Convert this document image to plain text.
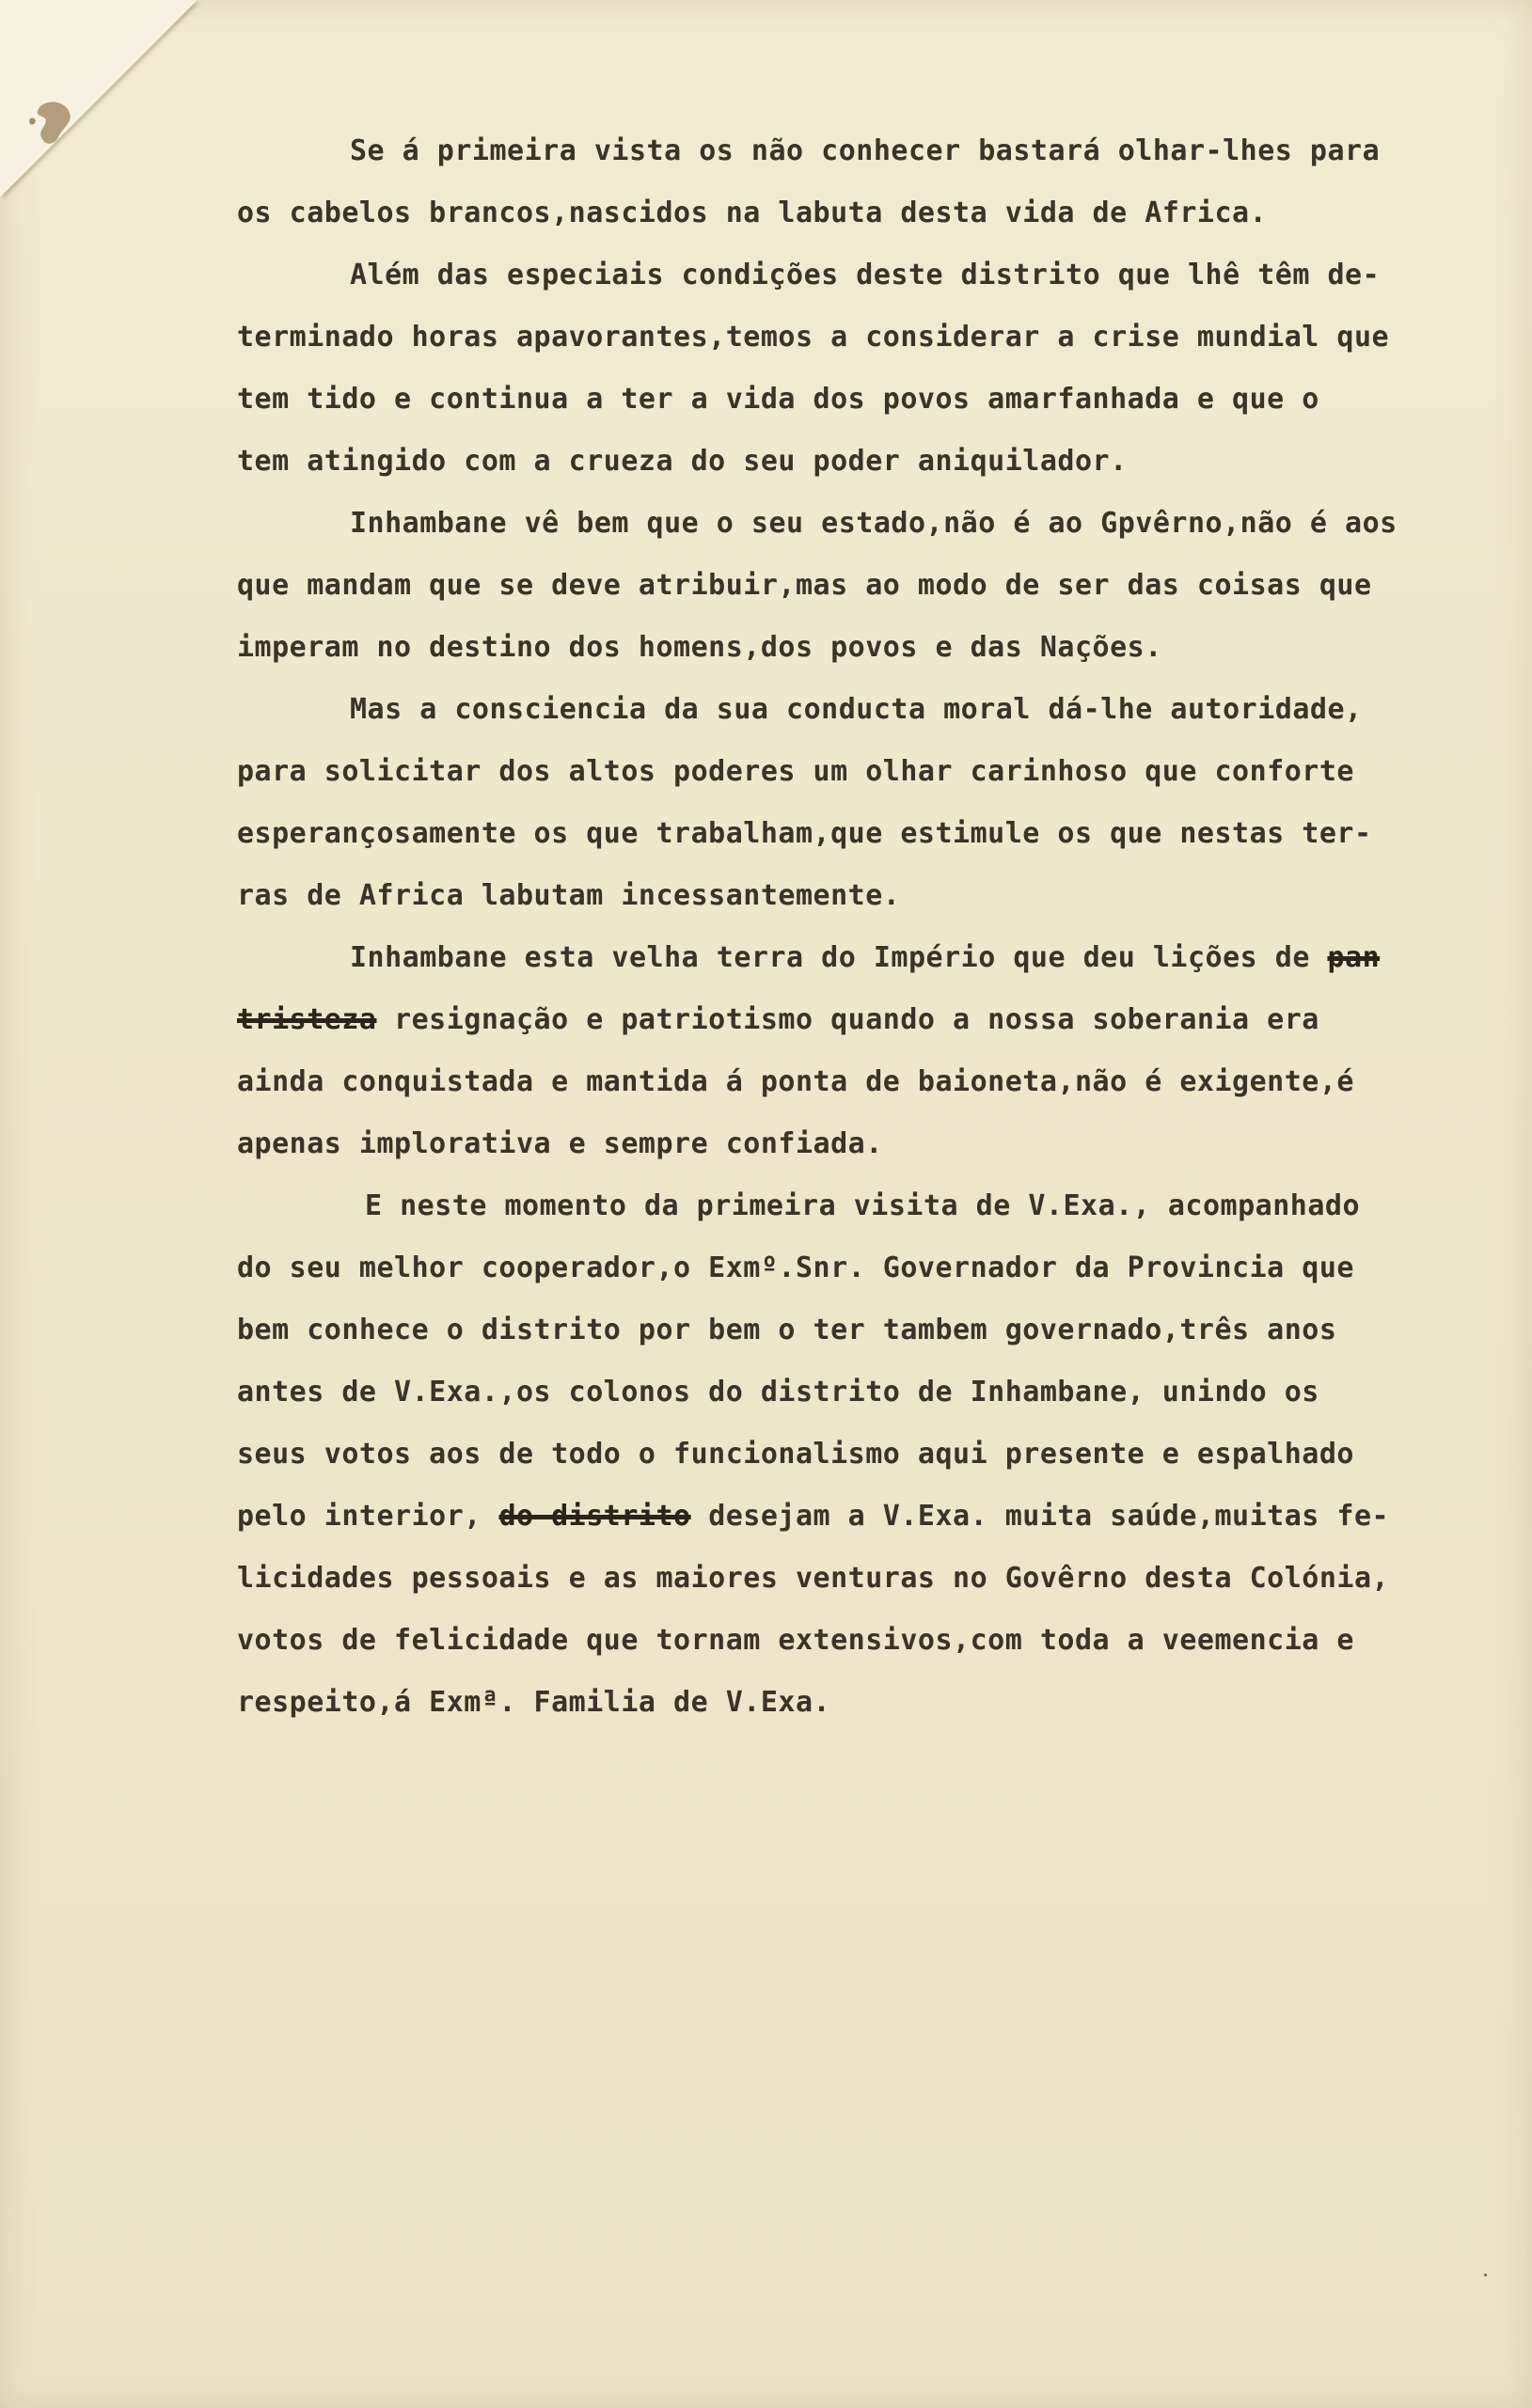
Se á primeira vista os não conhecer bastará olhar-lhes para
os cabelos brancos,nascidos na labuta desta vida de Africa.
Além das especiais condições deste distrito que lhê têm de-
terminado horas apavorantes,temos a considerar a crise mundial que
tem tido e continua a ter a vida dos povos amarfanhada e que o
tem atingido com a crueza do seu poder aniquilador.
Inhambane vê bem que o seu estado,não é ao Gpvêrno,não é aos
que mandam que se deve atribuir,mas ao modo de ser das coisas que
imperam no destino dos homens,dos povos e das Nações.
Mas a consciencia da sua conducta moral dá-lhe autoridade,
para solicitar dos altos poderes um olhar carinhoso que conforte
esperançosamente os que trabalham,que estimule os que nestas ter-
ras de Africa labutam incessantemente.
Inhambane esta velha terra do Império que deu lições de pan
tristeza resignação e patriotismo quando a nossa soberania era
ainda conquistada e mantida á ponta de baioneta,não é exigente,é
apenas implorativa e sempre confiada.
E neste momento da primeira visita de V.Exa., acompanhado
do seu melhor cooperador,o Exmº.Snr. Governador da Provincia que
bem conhece o distrito por bem o ter tambem governado,três anos
antes de V.Exa.,os colonos do distrito de Inhambane, unindo os
seus votos aos de todo o funcionalismo aqui presente e espalhado
pelo interior, do distrito desejam a V.Exa. muita saúde,muitas fe-
licidades pessoais e as maiores venturas no Govêrno desta Colónia,
votos de felicidade que tornam extensivos,com toda a veemencia e
respeito,á Exmª. Familia de V.Exa.
